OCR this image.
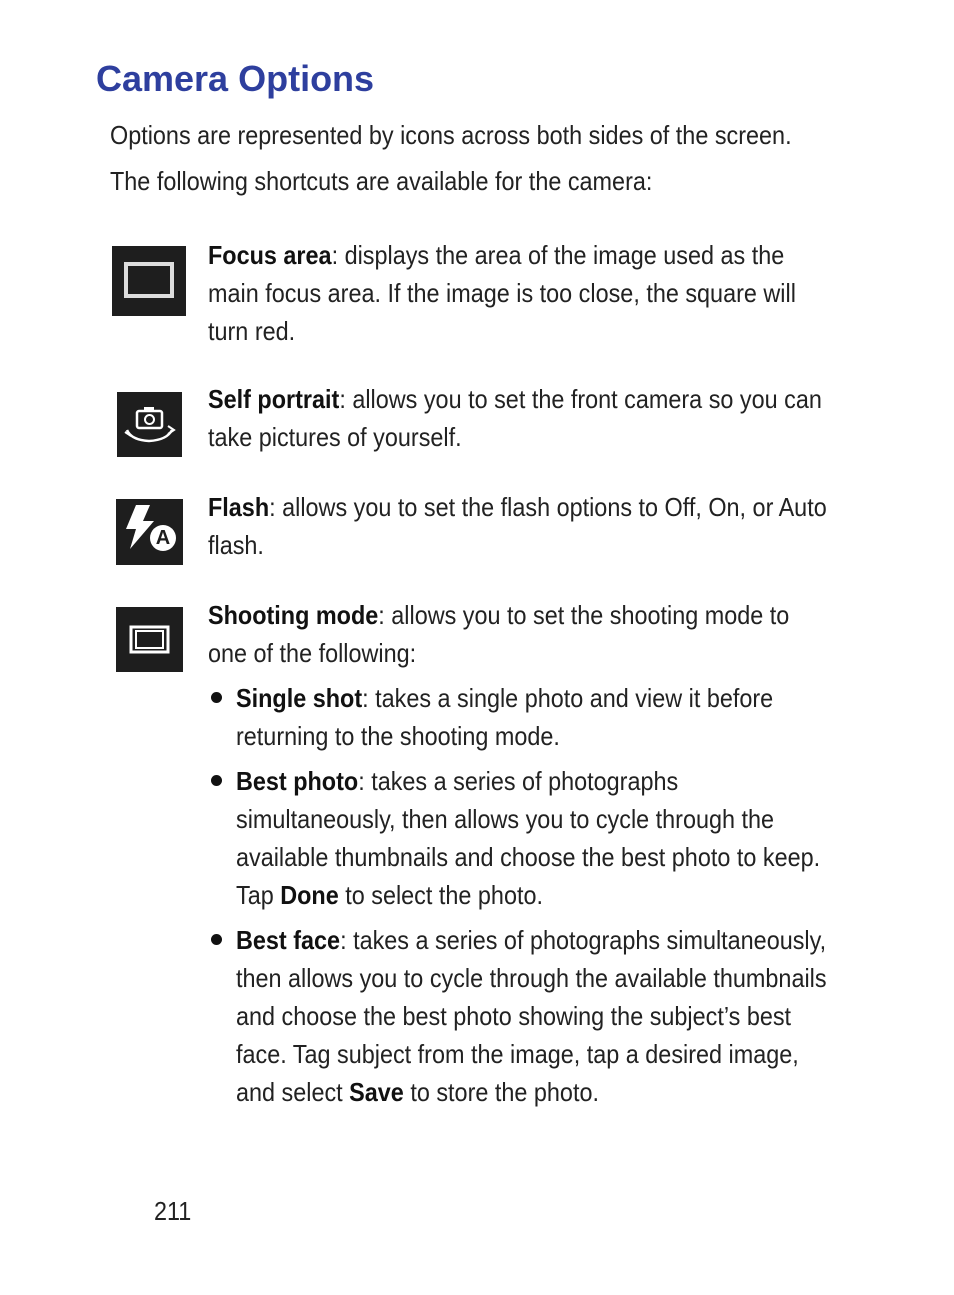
Camera Options
Options are represented by icons across both sides of the screen.
The following shortcuts are available for the camera:

Focus area: displays the area of the image used as the main focus area. If the image is too close, the square will turn red.

Self portrait: allows you to set the front camera so you can take pictures of yourself.

A

Flash: allows you to set the flash options to Off, On, or Auto flash.

Shooting mode: allows you to set the shooting mode to one of the following:

Single shot: takes a single photo and view it before returning to the shooting mode.

Best photo: takes a series of photographs simultaneously, then allows you to cycle through the available thumbnails and choose the best photo to keep. Tap Done to select the photo.

Best face: takes a series of photographs simultaneously, then allows you to cycle through the available thumbnails and choose the best photo showing the subject’s best face. Tag subject from the image, tap a desired image, and select Save to store the photo.

211
